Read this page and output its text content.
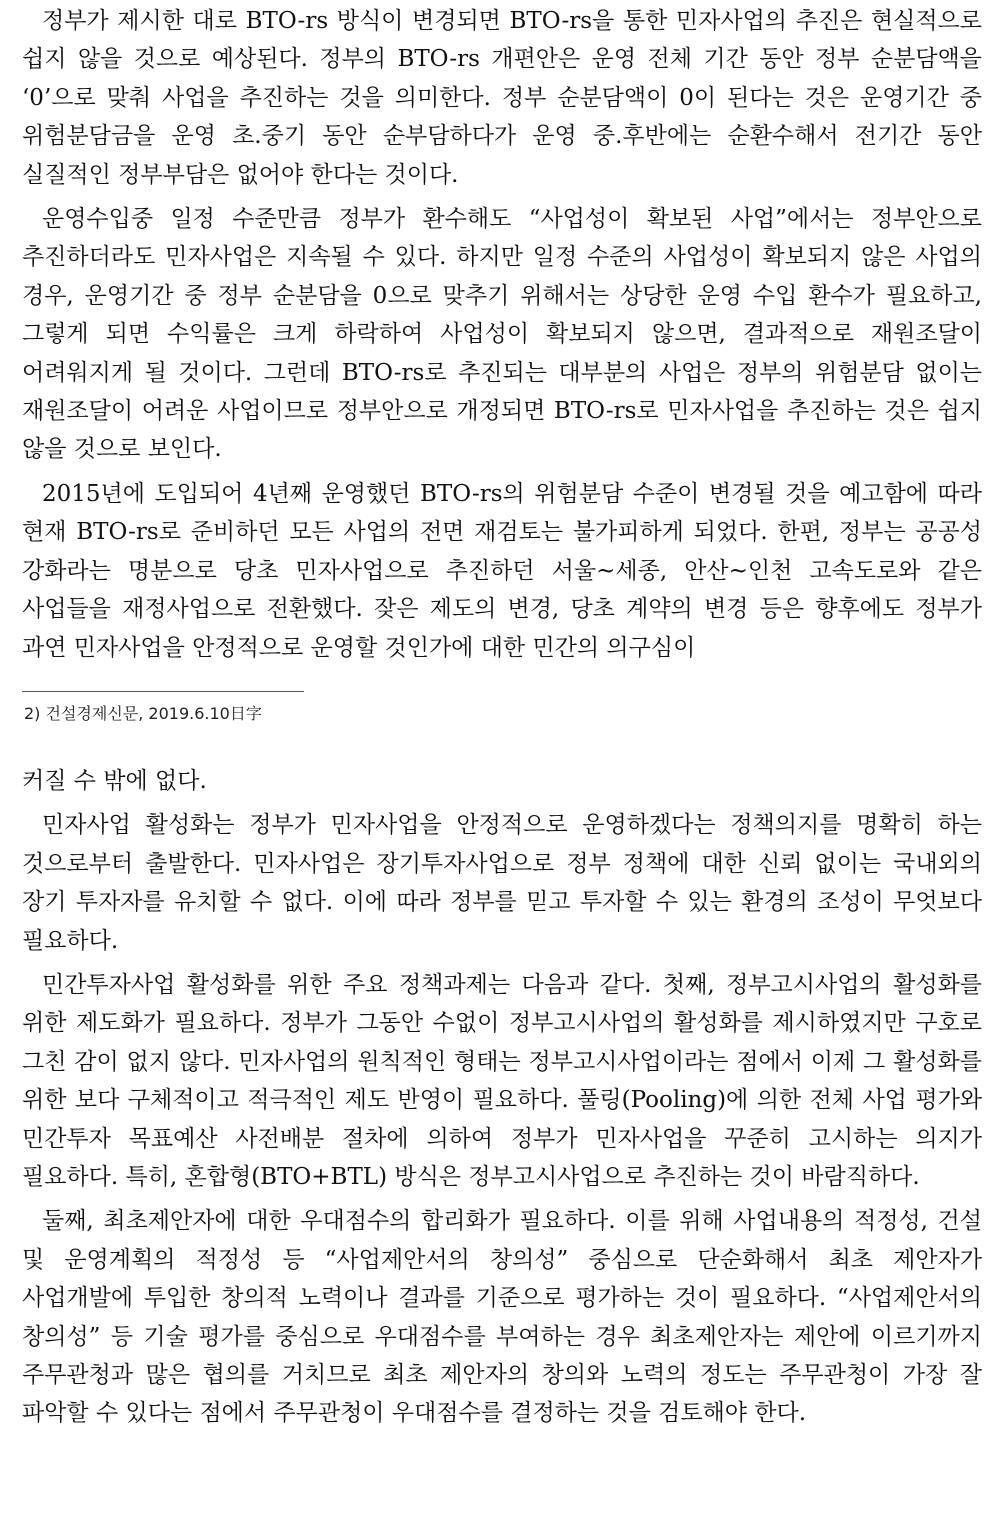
정부가 제시한 대로 BTO-rs 방식이 변경되면 BTO-rs을 통한 민자사업의 추진은 현실적으로 쉽지 않을 것으로 예상된다. 정부의 BTO-rs 개편안은 운영 전체 기간 동안 정부 순분담액을 ‘0’으로 맞춰 사업을 추진하는 것을 의미한다. 정부 순분담액이 0이 된다는 것은 운영기간 중 위험분담금을 운영 초.중기 동안 순부담하다가 운영 중.후반에는 순환수해서 전기간 동안 실질적인 정부부담은 없어야 한다는 것이다.

운영수입중 일정 수준만큼 정부가 환수해도 “사업성이 확보된 사업”에서는 정부안으로 추진하더라도 민자사업은 지속될 수 있다. 하지만 일정 수준의 사업성이 확보되지 않은 사업의 경우, 운영기간 중 정부 순분담을 0으로 맞추기 위해서는 상당한 운영 수입 환수가 필요하고, 그렇게 되면 수익률은 크게 하락하여 사업성이 확보되지 않으면, 결과적으로 재원조달이 어려워지게 될 것이다. 그런데 BTO-rs로 추진되는 대부분의 사업은 정부의 위험분담 없이는 재원조달이 어려운 사업이므로 정부안으로 개정되면 BTO-rs로 민자사업을 추진하는 것은 쉽지 않을 것으로 보인다.

2015년에 도입되어 4년째 운영했던 BTO-rs의 위험분담 수준이 변경될 것을 예고함에 따라 현재 BTO-rs로 준비하던 모든 사업의 전면 재검토는 불가피하게 되었다. 한편, 정부는 공공성 강화라는 명분으로 당초 민자사업으로 추진하던 서울~세종, 안산~인천 고속도로와 같은 사업들을 재정사업으로 전환했다. 잦은 제도의 변경, 당초 계약의 변경 등은 향후에도 정부가 과연 민자사업을 안정적으로 운영할 것인가에 대한 민간의 의구심이

2) 건설경제신문, 2019.6.10日字

커질 수 밖에 없다.

민자사업 활성화는 정부가 민자사업을 안정적으로 운영하겠다는 정책의지를 명확히 하는 것으로부터 출발한다. 민자사업은 장기투자사업으로 정부 정책에 대한 신뢰 없이는 국내외의 장기 투자자를 유치할 수 없다. 이에 따라 정부를 믿고 투자할 수 있는 환경의 조성이 무엇보다 필요하다.

민간투자사업 활성화를 위한 주요 정책과제는 다음과 같다. 첫째, 정부고시사업의 활성화를 위한 제도화가 필요하다. 정부가 그동안 수없이 정부고시사업의 활성화를 제시하였지만 구호로 그친 감이 없지 않다. 민자사업의 원칙적인 형태는 정부고시사업이라는 점에서 이제 그 활성화를 위한 보다 구체적이고 적극적인 제도 반영이 필요하다. 풀링(Pooling)에 의한 전체 사업 평가와 민간투자 목표예산 사전배분 절차에 의하여 정부가 민자사업을 꾸준히 고시하는 의지가 필요하다. 특히, 혼합형(BTO+BTL) 방식은 정부고시사업으로 추진하는 것이 바람직하다.

둘째, 최초제안자에 대한 우대점수의 합리화가 필요하다. 이를 위해 사업내용의 적정성, 건설 및 운영계획의 적정성 등 “사업제안서의 창의성” 중심으로 단순화해서 최초 제안자가 사업개발에 투입한 창의적 노력이나 결과를 기준으로 평가하는 것이 필요하다. “사업제안서의 창의성” 등 기술 평가를 중심으로 우대점수를 부여하는 경우 최초제안자는 제안에 이르기까지 주무관청과 많은 협의를 거치므로 최초 제안자의 창의와 노력의 정도는 주무관청이 가장 잘 파악할 수 있다는 점에서 주무관청이 우대점수를 결정하는 것을 검토해야 한다.
